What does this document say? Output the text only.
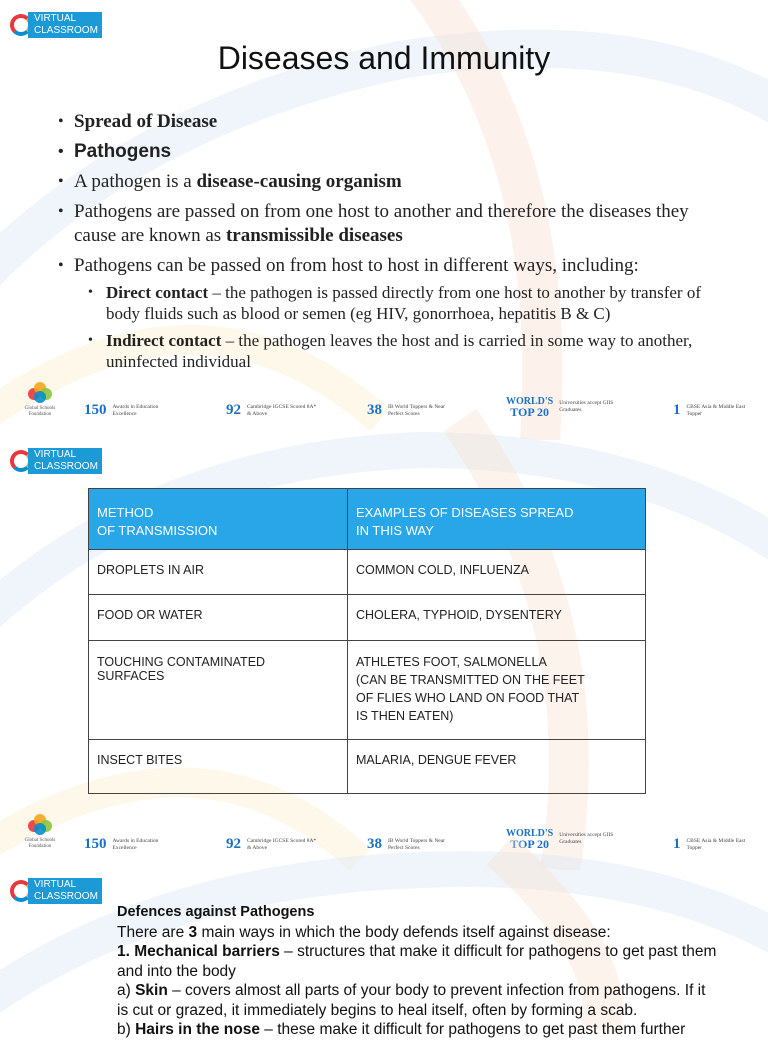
VIRTUAL
CLASSROOM
Diseases and Immunity
• Spread of Disease
• Pathogens
• A pathogen is a disease-causing organism
• Pathogens are passed on from one host to another and therefore the diseases they cause are known as transmissible diseases
• Pathogens can be passed on from host to host in different ways, including:
• Direct contact – the pathogen is passed directly from one host to another by transfer of body fluids such as blood or semen (eg HIV, gonorrhoea, hepatitis B & C)
• Indirect contact – the pathogen leaves the host and is carried in some way to another, uninfected individual
Global Schools Foundation	150 Awards in Education Excellence	92 Cambridge IGCSE Scored 8A* & Above	38 IB World Toppers & Near Perfect Scores
WORLD'S
TOP 20
Universities accept GIIS Graduates	1 CBSE Asia & Middle East Topper
VIRTUAL
CLASSROOM
Global Schools Foundation	150 Awards in Education Excellence	92 Cambridge IGCSE Scored 8A* & Above	38 IB World Toppers & Near Perfect Scores
WORLD'S
TOP 20
Universities accept GIIS Graduates	1 CBSE Asia & Middle East Topper
METHOD
OF TRANSMISSION	EXAMPLES OF DISEASES SPREAD
IN THIS WAY

DROPLETS IN AIR	COMMON COLD, INFLUENZA

FOOD OR WATER	CHOLERA, TYPHOID, DYSENTERY

TOUCHING CONTAMINATED
SURFACES	ATHLETES FOOT, SALMONELLA
(CAN BE TRANSMITTED ON THE FEET
OF FLIES WHO LAND ON FOOD THAT
IS THEN EATEN)

INSECT BITES	MALARIA, DENGUE FEVER
VIRTUAL
CLASSROOM
Defences against Pathogens
There are 3 main ways in which the body defends itself against disease:
1. Mechanical barriers – structures that make it difficult for pathogens to get past them and into the body
a) Skin – covers almost all parts of your body to prevent infection from pathogens. If it is cut or grazed, it immediately begins to heal itself, often by forming a scab.
b) Hairs in the nose – these make it difficult for pathogens to get past them further
